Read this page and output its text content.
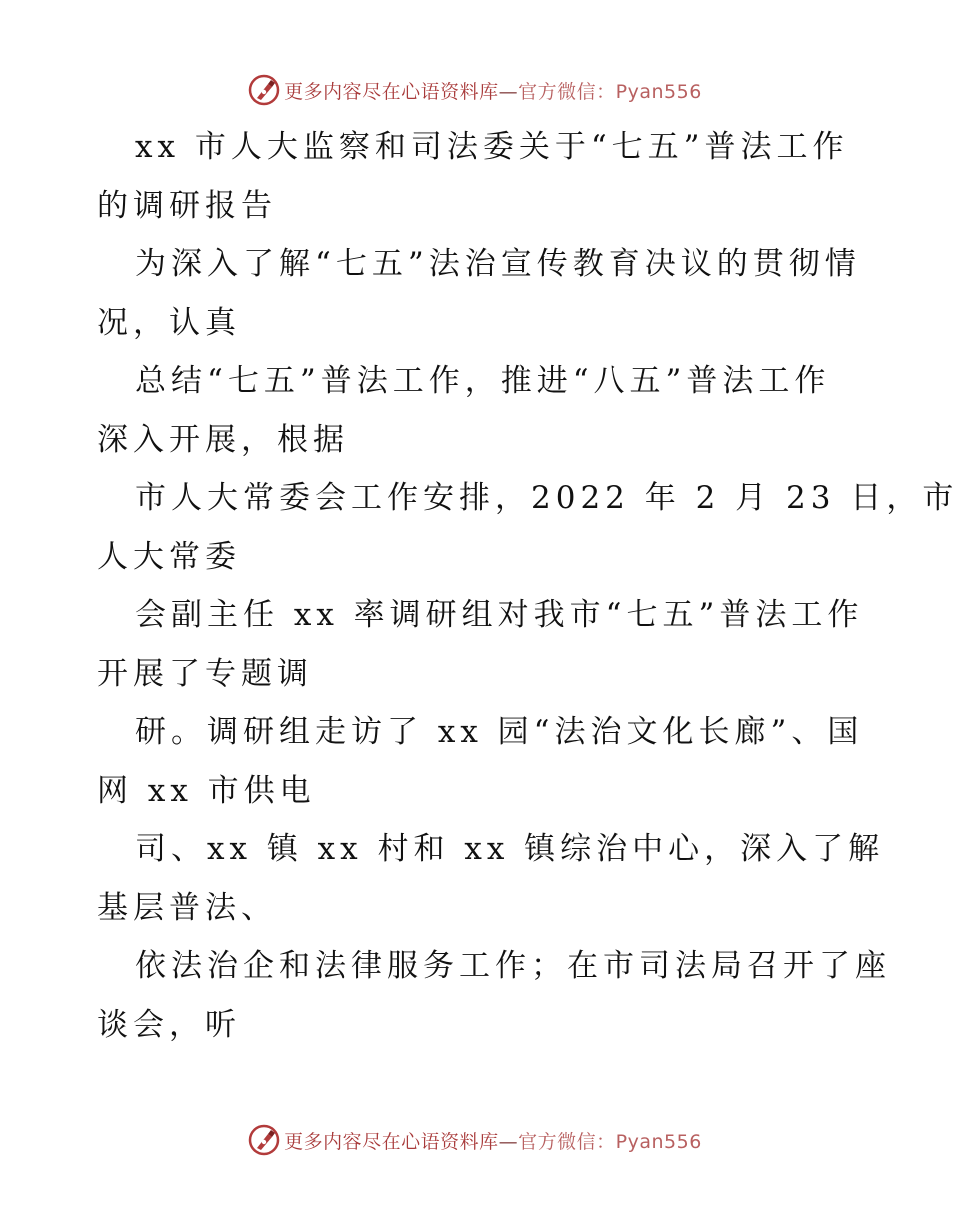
更多内容尽在心语资料库—官方微信：Pyan556
xx 市人大监察和司法委关于“七五”普法工作
的调研报告
为深入了解“七五”法治宣传教育决议的贯彻情
况，认真
总结“七五”普法工作，推进“八五”普法工作
深入开展，根据
市人大常委会工作安排，2022 年 2 月 23 日，市
人大常委
会副主任 xx 率调研组对我市“七五”普法工作
开展了专题调
研。调研组走访了 xx 园“法治文化长廊”、国
网 xx 市供电
司、xx 镇 xx 村和 xx 镇综治中心，深入了解
基层普法、
依法治企和法律服务工作；在市司法局召开了座
谈会，听
更多内容尽在心语资料库—官方微信：Pyan556
